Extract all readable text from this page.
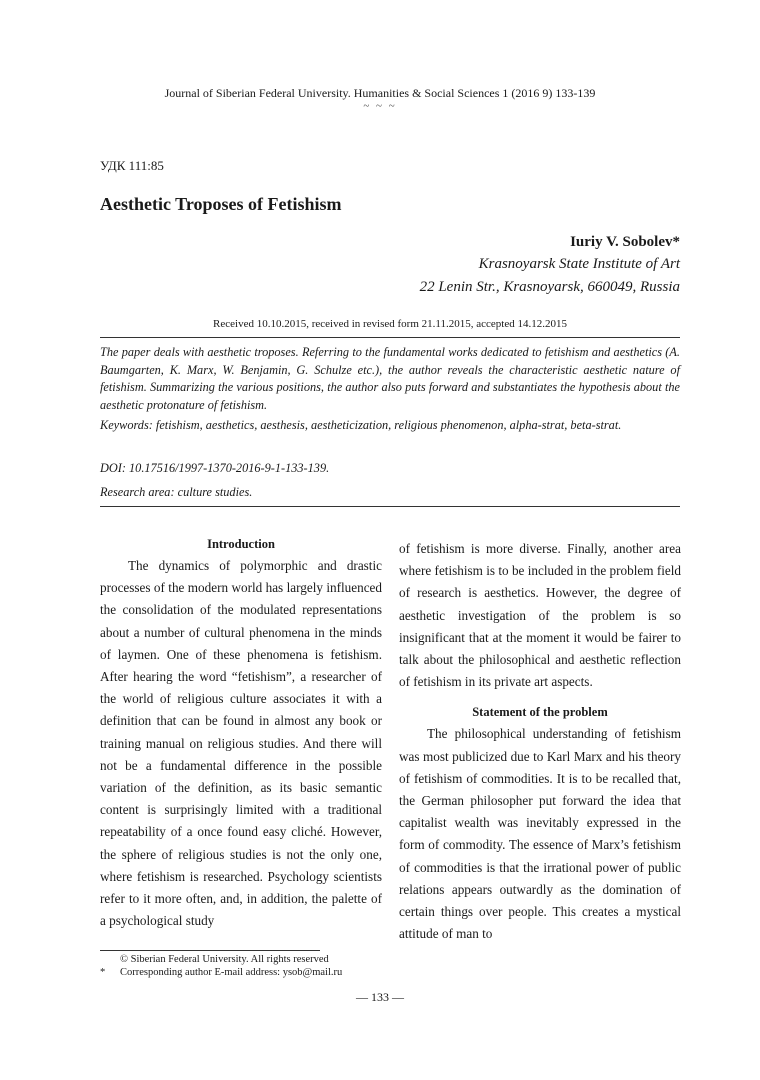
Journal of Siberian Federal University. Humanities & Social Sciences 1 (2016 9) 133-139
~ ~ ~
УДК 111:85
Aesthetic Troposes of Fetishism
Iuriy V. Sobolev*
Krasnoyarsk State Institute of Art
22 Lenin Str., Krasnoyarsk, 660049, Russia
Received 10.10.2015, received in revised form 21.11.2015, accepted 14.12.2015

The paper deals with aesthetic troposes. Referring to the fundamental works dedicated to fetishism and aesthetics (A. Baumgarten, K. Marx, W. Benjamin, G. Schulze etc.), the author reveals the characteristic aesthetic nature of fetishism. Summarizing the various positions, the author also puts forward and substantiates the hypothesis about the aesthetic protonature of fetishism.

Keywords: fetishism, aesthetics, aesthesis, aestheticization, religious phenomenon, alpha-strat, beta-strat.

DOI: 10.17516/1997-1370-2016-9-1-133-139.

Research area: culture studies.

Introduction

The dynamics of polymorphic and drastic processes of the modern world has largely influenced the consolidation of the modulated representations about a number of cultural phenomena in the minds of laymen. One of these phenomena is fetishism. After hearing the word “fetishism”, a researcher of the world of religious culture associates it with a definition that can be found in almost any book or training manual on religious studies. And there will not be a fundamental difference in the possible variation of the definition, as its basic semantic content is surprisingly limited with a traditional repeatability of a once found easy cliché. However, the sphere of religious studies is not the only one, where fetishism is researched. Psychology scientists refer to it more often, and, in addition, the palette of a psychological study

of fetishism is more diverse. Finally, another area where fetishism is to be included in the problem field of research is aesthetics. However, the degree of aesthetic investigation of the problem is so insignificant that at the moment it would be fairer to talk about the philosophical and aesthetic reflection of fetishism in its private art aspects.

Statement of the problem

The philosophical understanding of fetishism was most publicized due to Karl Marx and his theory of fetishism of commodities. It is to be recalled that, the German philosopher put forward the idea that capitalist wealth was inevitably expressed in the form of commodity. The essence of Marx’s fetishism of commodities is that the irrational power of public relations appears outwardly as the domination of certain things over people. This creates a mystical attitude of man to

© Siberian Federal University. All rights reserved
* Corresponding author E-mail address: ysob@mail.ru
— 133 —
